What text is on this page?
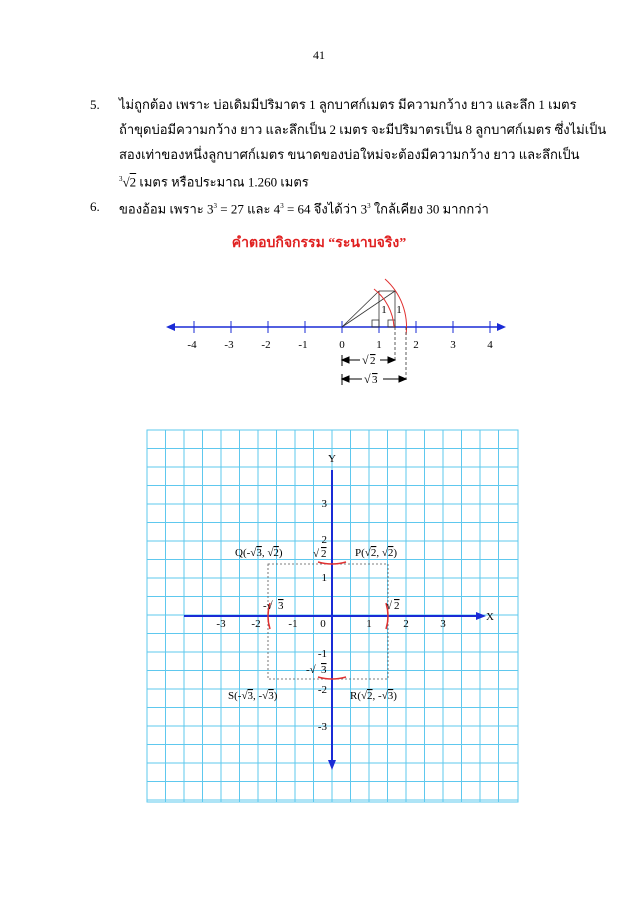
41
5.	ไม่ถูกต้อง เพราะ บ่อเดิมมีปริมาตร 1 ลูกบาศก์เมตร มีความกว้าง ยาว และลึก 1 เมตร
ถ้าขุดบ่อมีความกว้าง ยาว และลึกเป็น 2 เมตร จะมีปริมาตรเป็น 8 ลูกบาศก์เมตร ซึ่งไม่เป็น
สองเท่าของหนึ่งลูกบาศก์เมตร ขนาดของบ่อใหม่จะต้องมีความกว้าง ยาว และลึกเป็น
$^3$√2 เมตร หรือประมาณ 1.260 เมตร
6.	ของอ้อม เพราะ $3^3 = 27$ และ $4^3 = 64$ จึงได้ว่า $3^3$ ใกล้เคียง 30 มากกว่า
คำตอบกิจกรรม “ระนาบจริง”
-4	-3	-2	-1	0	1	2	3	4
1 1
√ 2
√ 3
X
Y
-3 -2	-1 0	1	2	3
3
2
1
-1
-2
-3
-√ 3	√ 2
√ 2
-√ 3
Q(-√3, √2)	P(√2, √2)
S(-√3, -√3)	R(√2, -√3)
